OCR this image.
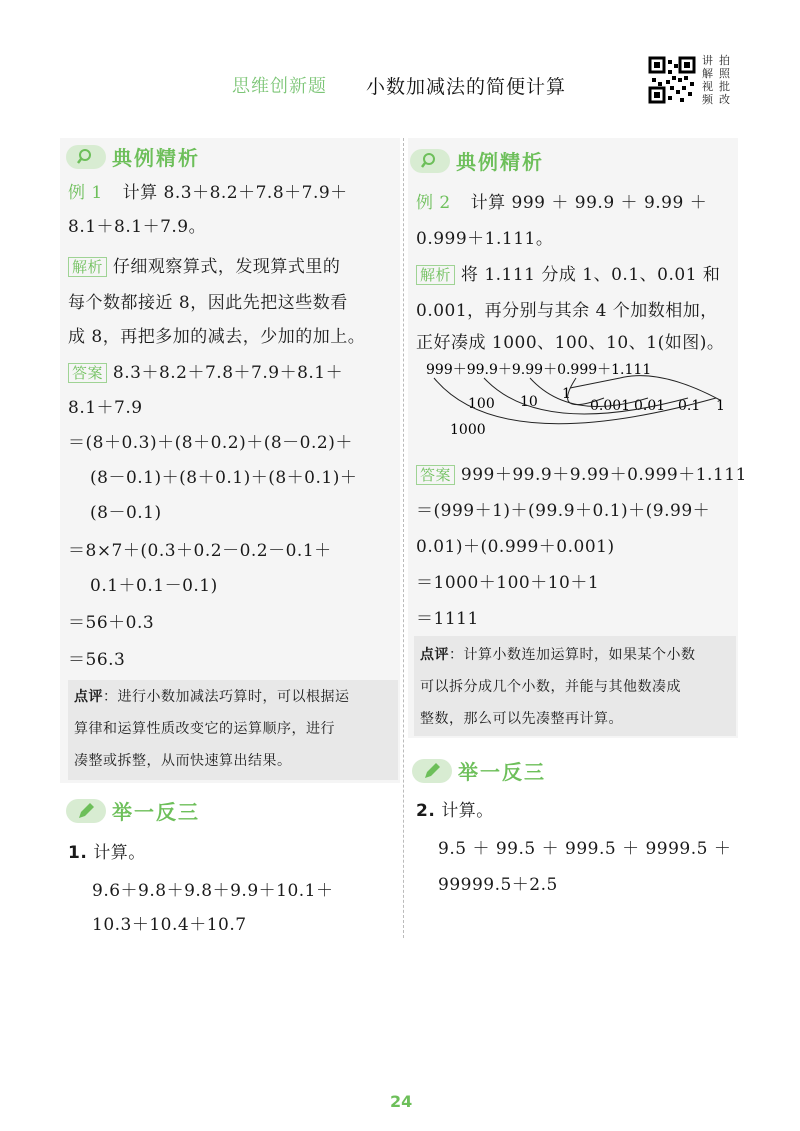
思维创新题 小数加减法的简便计算
讲 拍
解 照
视 批
频 改
典例精析
例 1 计算 8.3＋8.2＋7.8＋7.9＋
8.1＋8.1＋7.9。
解析 仔细观察算式，发现算式里的
每个数都接近 8，因此先把这些数看
成 8，再把多加的减去，少加的加上。
答案 8.3＋8.2＋7.8＋7.9＋8.1＋
8.1＋7.9
＝(8＋0.3)＋(8＋0.2)＋(8－0.2)＋
(8－0.1)＋(8＋0.1)＋(8＋0.1)＋
(8－0.1)
＝8×7＋(0.3＋0.2－0.2－0.1＋
0.1＋0.1－0.1)
＝56＋0.3
＝56.3
点评：进行小数加减法巧算时，可以根据运
算律和运算性质改变它的运算顺序，进行
凑整或拆整，从而快速算出结果。
举一反三
1. 计算。
9.6＋9.8＋9.8＋9.9＋10.1＋
10.3＋10.4＋10.7
典例精析
例 2 计算 999 ＋ 99.9 ＋ 9.99 ＋
0.999＋1.111。
解析 将 1.111 分成 1、0.1、0.01 和
0.001，再分别与其余 4 个加数相加，
正好凑成 1000、100、10、1(如图)。
999＋99.9＋9.99＋0.999＋1.111
1
0.001 0.01 0.1 1
100 10
1000
答案 999＋99.9＋9.99＋0.999＋1.111
＝(999＋1)＋(99.9＋0.1)＋(9.99＋
0.01)＋(0.999＋0.001)
＝1000＋100＋10＋1
＝1111
点评：计算小数连加运算时，如果某个小数
可以拆分成几个小数，并能与其他数凑成
整数，那么可以先凑整再计算。
举一反三
2. 计算。
9.5 ＋ 99.5 ＋ 999.5 ＋ 9999.5 ＋
99999.5＋2.5
24
